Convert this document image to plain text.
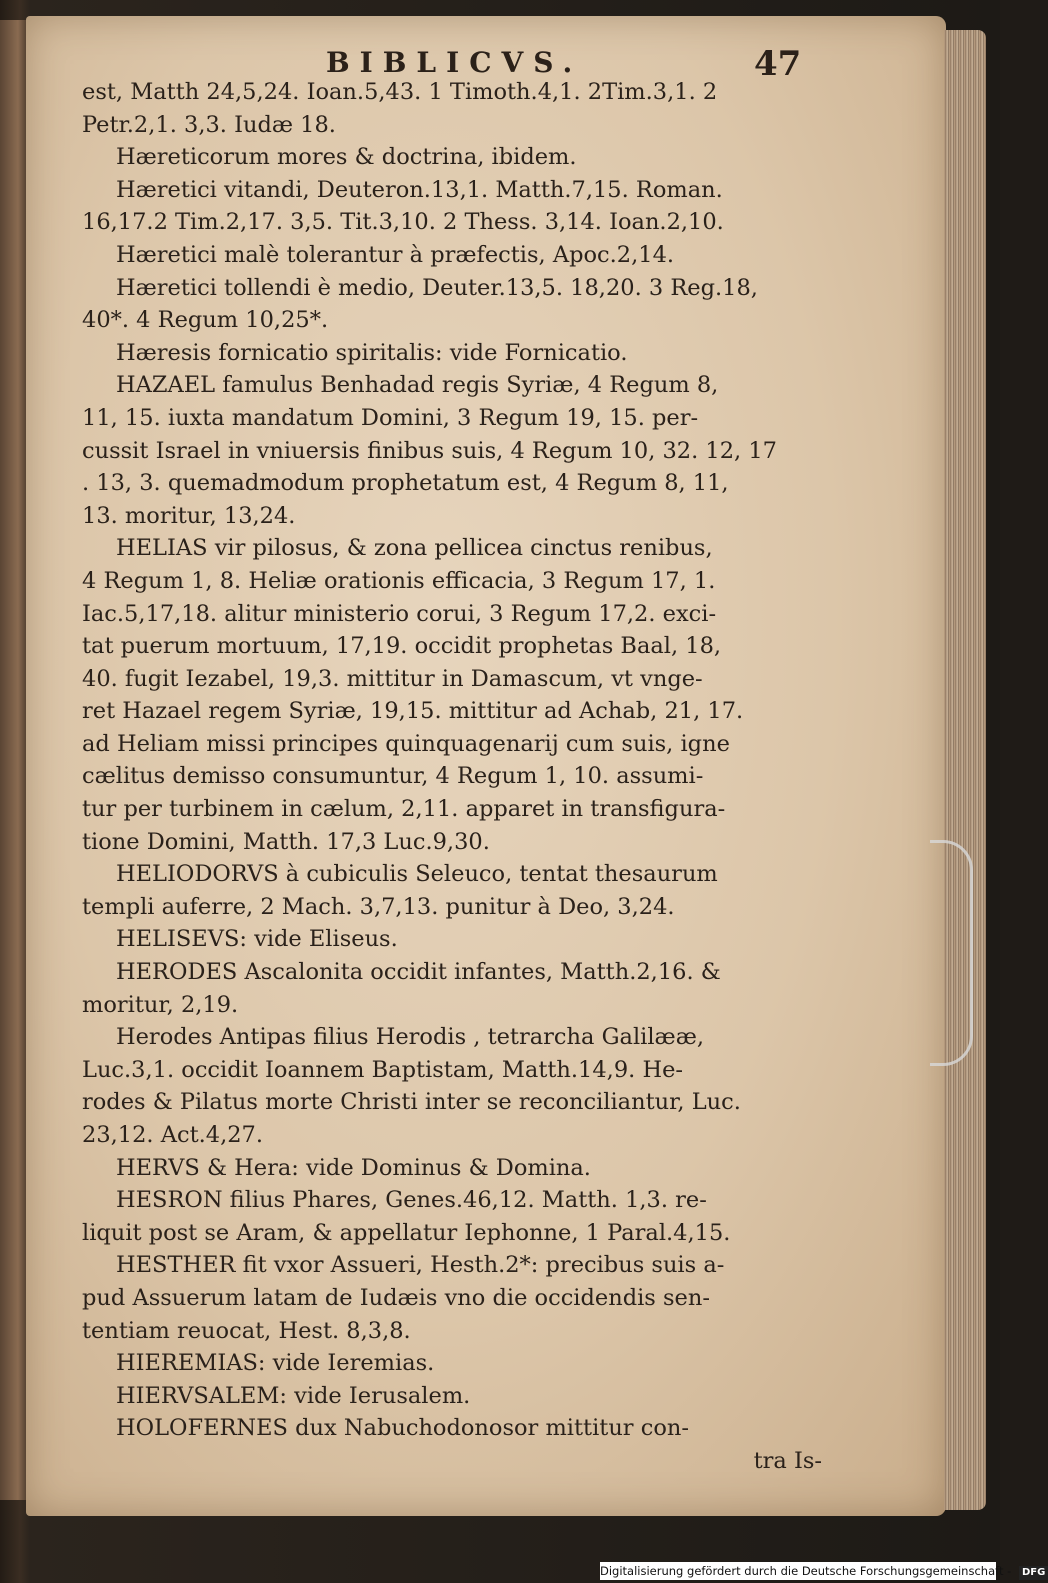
BIBLICVS.	47
est, Matth 24,5,24. Ioan.5,43. 1 Timoth.4,1. 2Tim.3,1. 2
Petr.2,1. 3,3. Iudæ 18.
Hæreticorum mores & doctrina, ibidem.
Hæretici vitandi, Deuteron.13,1. Matth.7,15. Roman.
16,17.2 Tim.2,17. 3,5. Tit.3,10. 2 Thess. 3,14. Ioan.2,10.
Hæretici malè tolerantur à præfectis, Apoc.2,14.
Hæretici tollendi è medio, Deuter.13,5. 18,20. 3 Reg.18,
40*. 4 Regum 10,25*.
Hæresis fornicatio spiritalis: vide Fornicatio.
HAZAEL famulus Benhadad regis Syriæ, 4 Regum 8,
11, 15. iuxta mandatum Domini, 3 Regum 19, 15. per-
cussit Israel in vniuersis finibus suis, 4 Regum 10, 32. 12, 17
. 13, 3. quemadmodum prophetatum est, 4 Regum 8, 11,
13. moritur, 13,24.
HELIAS vir pilosus, & zona pellicea cinctus renibus,
4 Regum 1, 8. Heliæ orationis efficacia, 3 Regum 17, 1.
Iac.5,17,18. alitur ministerio corui, 3 Regum 17,2. exci-
tat puerum mortuum, 17,19. occidit prophetas Baal, 18,
40. fugit Iezabel, 19,3. mittitur in Damascum, vt vnge-
ret Hazael regem Syriæ, 19,15. mittitur ad Achab, 21, 17.
ad Heliam missi principes quinquagenarij cum suis, igne
cælitus demisso consumuntur, 4 Regum 1, 10. assumi-
tur per turbinem in cælum, 2,11. apparet in transfigura-
tione Domini, Matth. 17,3 Luc.9,30.
HELIODORVS à cubiculis Seleuco, tentat thesaurum
templi auferre, 2 Mach. 3,7,13. punitur à Deo, 3,24.
HELISEVS: vide Eliseus.
HERODES Ascalonita occidit infantes, Matth.2,16. &
moritur, 2,19.
Herodes Antipas filius Herodis , tetrarcha Galilææ,
Luc.3,1. occidit Ioannem Baptistam, Matth.14,9. He-
rodes & Pilatus morte Christi inter se reconciliantur, Luc.
23,12. Act.4,27.
HERVS & Hera: vide Dominus & Domina.
HESRON filius Phares, Genes.46,12. Matth. 1,3. re-
liquit post se Aram, & appellatur Iephonne, 1 Paral.4,15.
HESTHER fit vxor Assueri, Hesth.2*: precibus suis a-
pud Assuerum latam de Iudæis vno die occidendis sen-
tentiam reuocat, Hest. 8,3,8.
HIEREMIAS: vide Ieremias.
HIERVSALEM: vide Ierusalem.
HOLOFERNES dux Nabuchodonosor mittitur con-
tra Is-
Digitalisierung gefördert durch die Deutsche Forschungsgemeinschaft - DFG
